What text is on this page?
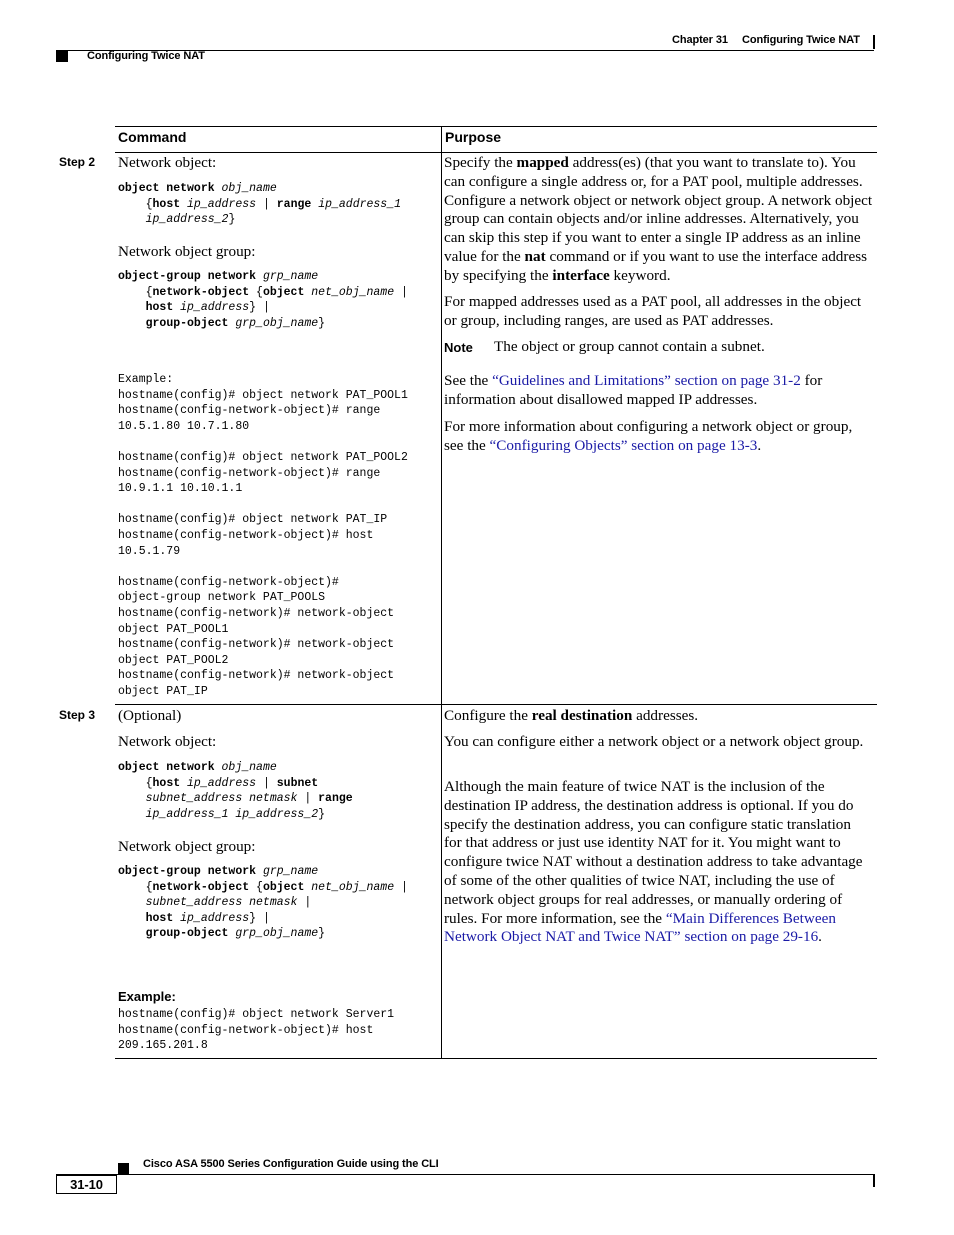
Chapter 31 Configuring Twice NAT
Configuring Twice NAT
Command	Purpose
Step 2 Network object:
object network obj_name
{host ip_address | range ip_address_1
ip_address_2}
Network object group:
object-group network grp_name
{network-object {object net_obj_name |
host ip_address} |
group-object grp_obj_name}
Example:
hostname(config)# object network PAT_POOL1
hostname(config-network-object)# range
10.5.1.80 10.7.1.80

hostname(config)# object network PAT_POOL2
hostname(config-network-object)# range
10.9.1.1 10.10.1.1

hostname(config)# object network PAT_IP
hostname(config-network-object)# host
10.5.1.79

hostname(config-network-object)#
object-group network PAT_POOLS
hostname(config-network)# network-object
object PAT_POOL1
hostname(config-network)# network-object
object PAT_POOL2
hostname(config-network)# network-object
object PAT_IP
Specify the mapped address(es) (that you want to translate to). You can configure a single address or, for a PAT pool, multiple addresses. Configure a network object or network object group. A network object group can contain objects and/or inline addresses. Alternatively, you can skip this step if you want to enter a single IP address as an inline value for the nat command or if you want to use the interface address by specifying the interface keyword.
For mapped addresses used as a PAT pool, all addresses in the object or group, including ranges, are used as PAT addresses.
Note The object or group cannot contain a subnet.
See the “Guidelines and Limitations” section on page 31-2 for information about disallowed mapped IP addresses.
For more information about configuring a network object or group, see the “Configuring Objects” section on page 13-3.
Step 3 (Optional)
Network object:
object network obj_name
{host ip_address | subnet
subnet_address netmask | range
ip_address_1 ip_address_2}
Network object group:
object-group network grp_name
{network-object {object net_obj_name |
subnet_address netmask |
host ip_address} |
group-object grp_obj_name}
Example:
hostname(config)# object network Server1
hostname(config-network-object)# host
209.165.201.8
Configure the real destination addresses.
You can configure either a network object or a network object group.
Although the main feature of twice NAT is the inclusion of the destination IP address, the destination address is optional. If you do specify the destination address, you can configure static translation for that address or just use identity NAT for it. You might want to configure twice NAT without a destination address to take advantage of some of the other qualities of twice NAT, including the use of network object groups for real addresses, or manually ordering of rules. For more information, see the “Main Differences Between Network Object NAT and Twice NAT” section on page 29-16.
Cisco ASA 5500 Series Configuration Guide using the CLI
31-10
